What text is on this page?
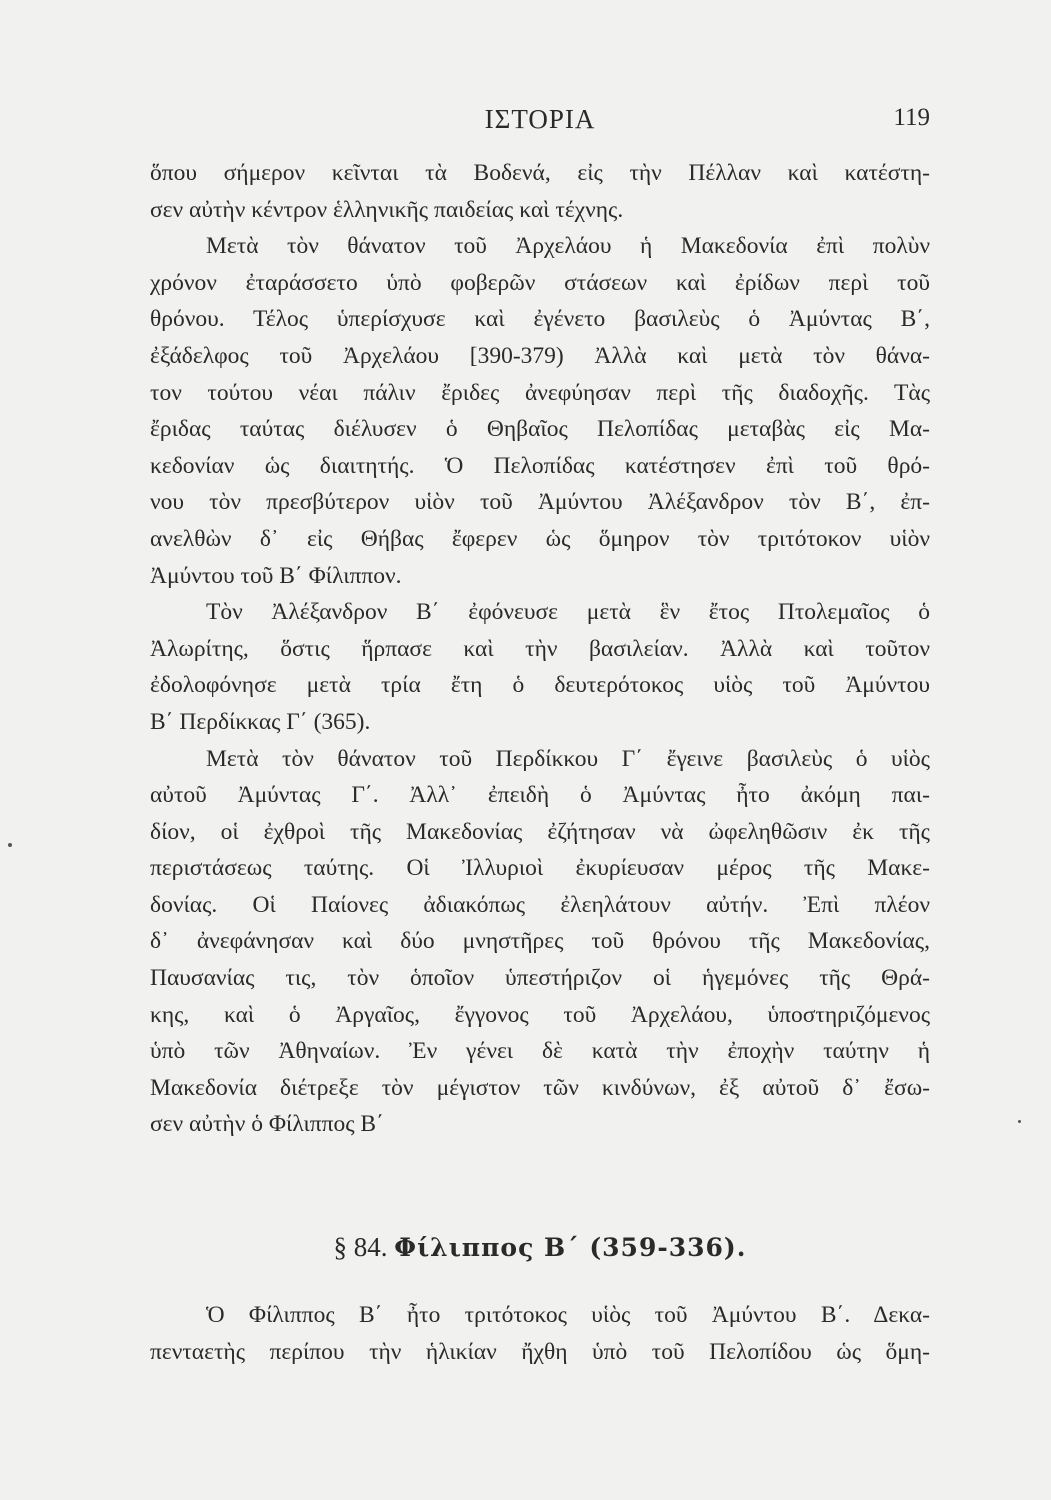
ΙΣΤΟΡΙΑ	119
ὅπου σήμερον κεῖνται τὰ Βοδενά, εἰς τὴν Πέλλαν καὶ κατέστη-
σεν αὐτὴν κέντρον ἑλληνικῆς παιδείας καὶ τέχνης.
Μετὰ τὸν θάνατον τοῦ Ἀρχελάου ἡ Μακεδονία ἐπὶ πολὺν
χρόνον ἐταράσσετο ὑπὸ φοβερῶν στάσεων καὶ ἐρίδων περὶ τοῦ
θρόνου. Τέλος ὑπερίσχυσε καὶ ἐγένετο βασιλεὺς ὁ Ἀμύντας Β΄,
ἐξάδελφος τοῦ Ἀρχελάου [390-379) Ἀλλὰ καὶ μετὰ τὸν θάνα-
τον τούτου νέαι πάλιν ἔριδες ἀνεφύησαν περὶ τῆς διαδοχῆς. Τὰς
ἔριδας ταύτας διέλυσεν ὁ Θηβαῖος Πελοπίδας μεταβὰς εἰς Μα-
κεδονίαν ὡς διαιτητής. Ὁ Πελοπίδας κατέστησεν ἐπὶ τοῦ θρό-
νου τὸν πρεσβύτερον υἱὸν τοῦ Ἀμύντου Ἀλέξανδρον τὸν Β΄, ἐπ-
ανελθὼν δ᾽ εἰς Θήβας ἔφερεν ὡς ὅμηρον τὸν τριτότοκον υἱὸν
Ἀμύντου τοῦ Β΄ Φίλιππον.
Τὸν Ἀλέξανδρον Β΄ ἐφόνευσε μετὰ ἓν ἔτος Πτολεμαῖος ὁ
Ἀλωρίτης, ὅστις ἥρπασε καὶ τὴν βασιλείαν. Ἀλλὰ καὶ τοῦτον
ἐδολοφόνησε μετὰ τρία ἔτη ὁ δευτερότοκος υἱὸς τοῦ Ἀμύντου
Β΄ Περδίκκας Γ΄ (365).
Μετὰ τὸν θάνατον τοῦ Περδίκκου Γ΄ ἔγεινε βασιλεὺς ὁ υἱὸς
αὐτοῦ Ἀμύντας Γ΄. Ἀλλ᾽ ἐπειδὴ ὁ Ἀμύντας ἦτο ἀκόμη παι-
δίον, οἱ ἐχθροὶ τῆς Μακεδονίας ἐζήτησαν νὰ ὠφεληθῶσιν ἐκ τῆς
περιστάσεως ταύτης. Οἱ Ἰλλυριοὶ ἐκυρίευσαν μέρος τῆς Μακε-
δονίας. Οἱ Παίονες ἀδιακόπως ἐλεηλάτουν αὐτήν. Ἐπὶ πλέον
δ᾽ ἀνεφάνησαν καὶ δύο μνηστῆρες τοῦ θρόνου τῆς Μακεδονίας,
Παυσανίας τις, τὸν ὁποῖον ὑπεστήριζον οἱ ἡγεμόνες τῆς Θρά-
κης, καὶ ὁ Ἀργαῖος, ἔγγονος τοῦ Ἀρχελάου, ὑποστηριζόμενος
ὑπὸ τῶν Ἀθηναίων. Ἐν γένει δὲ κατὰ τὴν ἐποχὴν ταύτην ἡ
Μακεδονία διέτρεξε τὸν μέγιστον τῶν κινδύνων, ἐξ αὐτοῦ δ᾽ ἔσω-
σεν αὐτὴν ὁ Φίλιππος Β΄
§ 84. Φίλιππος Β΄ (359-336).
Ὁ Φίλιππος Β΄ ἦτο τριτότοκος υἱὸς τοῦ Ἀμύντου Β΄. Δεκα-
πενταετὴς περίπου τὴν ἡλικίαν ἤχθη ὑπὸ τοῦ Πελοπίδου ὡς ὅμη-
